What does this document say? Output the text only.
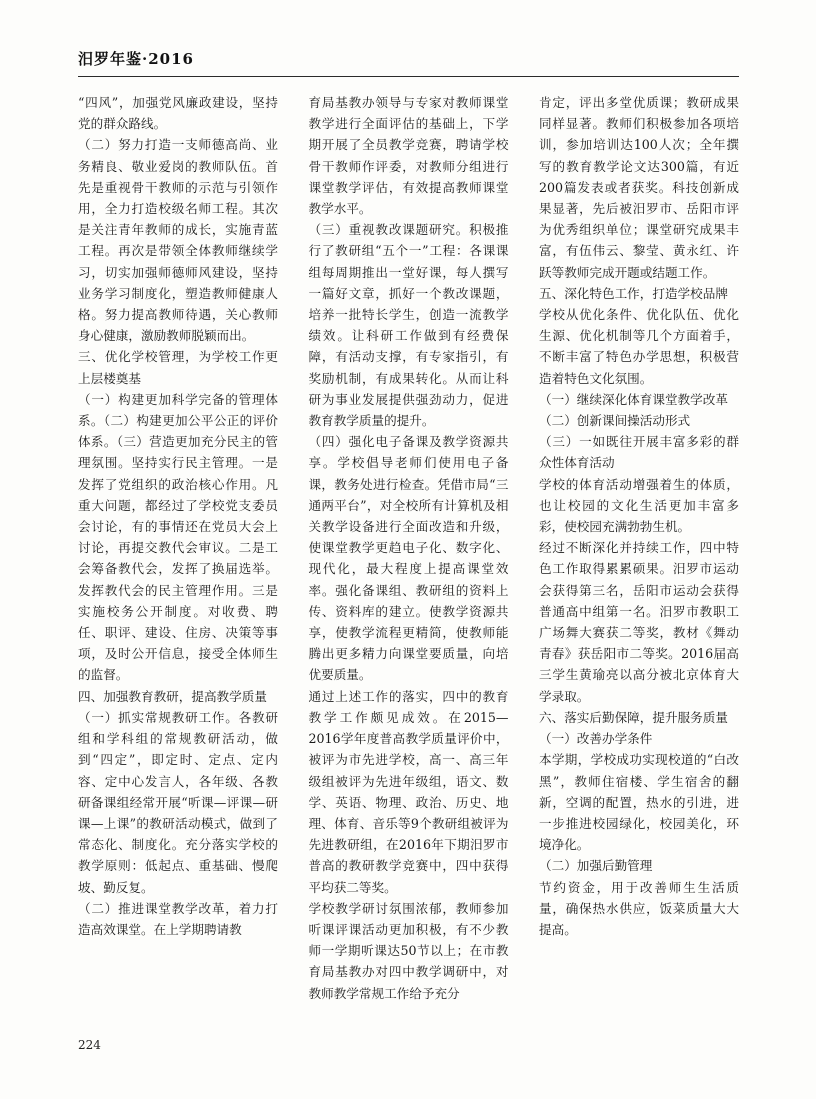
汨罗年鉴·2016

“四风”，加强党风廉政建设，坚持党的群众路线。

（二）努力打造一支师德高尚、业务精良、敬业爱岗的教师队伍。首先是重视骨干教师的示范与引领作用，全力打造校级名师工程。其次是关注青年教师的成长，实施青蓝工程。再次是带领全体教师继续学习，切实加强师德师风建设，坚持业务学习制度化，塑造教师健康人格。努力提高教师待遇，关心教师身心健康，激励教师脱颖而出。

三、优化学校管理，为学校工作更上层楼奠基

（一）构建更加科学完备的管理体系。（二）构建更加公平公正的评价体系。（三）营造更加充分民主的管理氛围。坚持实行民主管理。一是发挥了党组织的政治核心作用。凡重大问题，都经过了学校党支委员会讨论，有的事情还在党员大会上讨论，再提交教代会审议。二是工会筹备教代会，发挥了换届选举。发挥教代会的民主管理作用。三是实施校务公开制度。对收费、聘任、职评、建设、住房、决策等事项，及时公开信息，接受全体师生的监督。

四、加强教育教研，提高教学质量

（一）抓实常规教研工作。各教研组和学科组的常规教研活动，做到“四定”，即定时、定点、定内容、定中心发言人，各年级、各教研备课组经常开展“听课—评课—研课—上课”的教研活动模式，做到了常态化、制度化。充分落实学校的教学原则：低起点、重基础、慢爬坡、勤反复。

（二）推进课堂教学改革，着力打造高效课堂。在上学期聘请教

育局基教办领导与专家对教师课堂教学进行全面评估的基础上，下学期开展了全员教学竞赛，聘请学校骨干教师作评委，对教师分组进行课堂教学评估，有效提高教师课堂教学水平。

（三）重视教改课题研究。积极推行了教研组“五个一”工程：各课课组每周期推出一堂好课，每人撰写一篇好文章，抓好一个教改课题，培养一批特长学生，创造一流教学绩效。让科研工作做到有经费保障，有活动支撑，有专家指引，有奖励机制，有成果转化。从而让科研为事业发展提供强劲动力，促进教育教学质量的提升。

（四）强化电子备课及教学资源共享。学校倡导老师们使用电子备课，教务处进行检查。凭借市局“三通两平台”，对全校所有计算机及相关教学设备进行全面改造和升级，使课堂教学更趋电子化、数字化、现代化，最大程度上提高课堂效率。强化备课组、教研组的资料上传、资料库的建立。使教学资源共享，使教学流程更精简，使教师能腾出更多精力向课堂要质量，向培优要质量。

通过上述工作的落实，四中的教育教学工作颇见成效。在2015—2016学年度普高教学质量评价中，被评为市先进学校，高一、高三年级组被评为先进年级组，语文、数学、英语、物理、政治、历史、地理、体育、音乐等9个教研组被评为先进教研组，在2016年下期汨罗市普高的教研教学竞赛中，四中获得平均获二等奖。

学校教学研讨氛围浓郁，教师参加听课评课活动更加积极，有不少教师一学期听课达50节以上；在市教育局基教办对四中教学调研中，对教师教学常规工作给予充分

肯定，评出多堂优质课；教研成果同样显著。教师们积极参加各项培训，参加培训达100人次；全年撰写的教育教学论文达300篇，有近200篇发表或者获奖。科技创新成果显著，先后被汨罗市、岳阳市评为优秀组织单位；课堂研究成果丰富，有伍伟云、黎莹、黄永红、许跃等教师完成开题或结题工作。

五、深化特色工作，打造学校品牌

学校从优化条件、优化队伍、优化生源、优化机制等几个方面着手，不断丰富了特色办学思想，积极营造着特色文化氛围。

（一）继续深化体育课堂教学改革

（二）创新课间操活动形式

（三）一如既往开展丰富多彩的群众性体育活动

学校的体育活动增强着生的体质，也让校园的文化生活更加丰富多彩，使校园充满勃勃生机。

经过不断深化并持续工作，四中特色工作取得累累硕果。汨罗市运动会获得第三名，岳阳市运动会获得普通高中组第一名。汨罗市教职工广场舞大赛获二等奖，教材《舞动青春》获岳阳市二等奖。2016届高三学生黄瑜亮以高分被北京体育大学录取。

六、落实后勤保障，提升服务质量

（一）改善办学条件

本学期，学校成功实现校道的“白改黑”，教师住宿楼、学生宿舍的翻新，空调的配置，热水的引进，进一步推进校园绿化，校园美化，环境净化。

（二）加强后勤管理

节约资金，用于改善师生生活质量，确保热水供应，饭菜质量大大提高。

224
